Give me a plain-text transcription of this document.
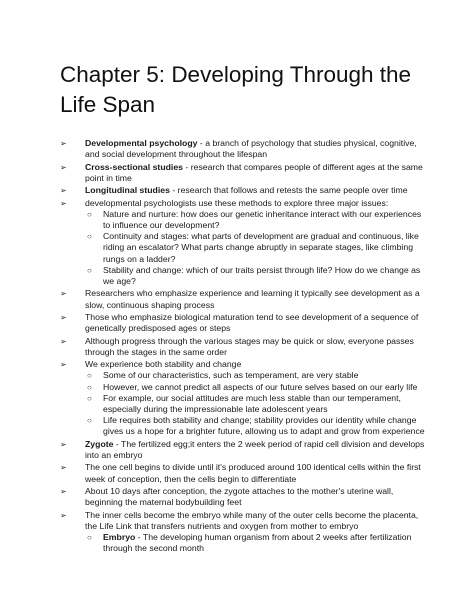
Chapter 5: Developing Through the Life Span
➢ Developmental psychology - a branch of psychology that studies physical, cognitive, and social development throughout the lifespan
➢ Cross-sectional studies - research that compares people of different ages at the same point in time
➢ Longitudinal studies - research that follows and retests the same people over time
➢ developmental psychologists use these methods to explore three major issues:
○ Nature and nurture: how does our genetic inheritance interact with our experiences to influence our development?
○ Continuity and stages: what parts of development are gradual and continuous, like riding an escalator? What parts change abruptly in separate stages, like climbing rungs on a ladder?
○ Stability and change: which of our traits persist through life? How do we change as we age?
➢ Researchers who emphasize experience and learning it typically see development as a slow, continuous shaping process
➢ Those who emphasize biological maturation tend to see development of a sequence of genetically predisposed ages or steps
➢ Although progress through the various stages may be quick or slow, everyone passes through the stages in the same order
➢ We experience both stability and change
○ Some of our characteristics, such as temperament, are very stable
○ However, we cannot predict all aspects of our future selves based on our early life
○ For example, our social attitudes are much less stable than our temperament, especially during the impressionable late adolescent years
○ Life requires both stability and change; stability provides our identity while change gives us a hope for a brighter future, allowing us to adapt and grow from experience
➢ Zygote - The fertilized egg;it enters the 2 week period of rapid cell division and develops into an embryo
➢ The one cell begins to divide until it's produced around 100 identical cells within the first week of conception, then the cells begin to differentiate
➢ About 10 days after conception, the zygote attaches to the mother's uterine wall, beginning the maternal bodybuilding feet
➢ The inner cells become the embryo while many of the outer cells become the placenta, the Life Link that transfers nutrients and oxygen from mother to embryo
○ Embryo - The developing human organism from about 2 weeks after fertilization through the second month
